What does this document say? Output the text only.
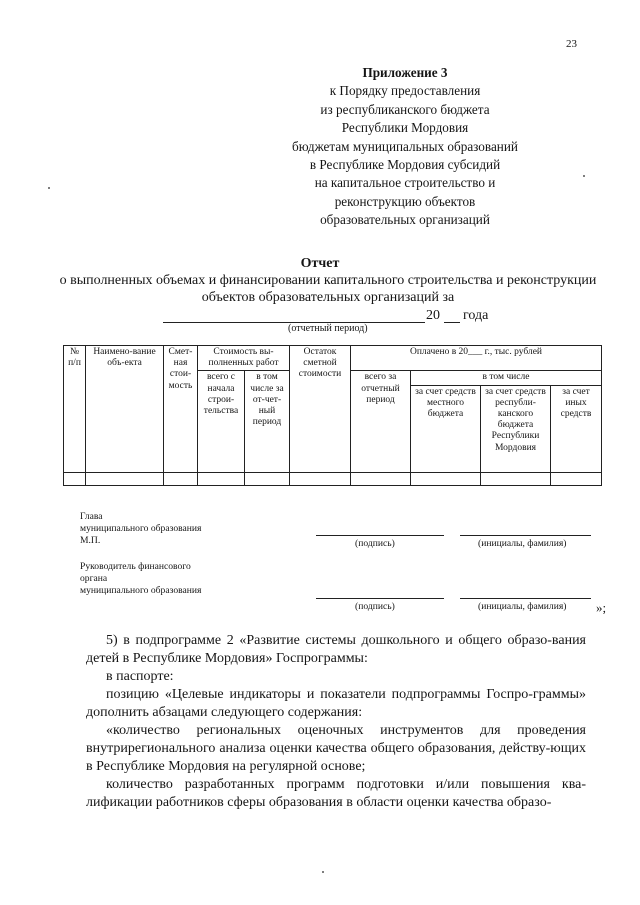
23
Приложение 3
к Порядку предоставления
из республиканского бюджета
Республики Мордовия
бюджетам муниципальных образований
в Республике Мордовия субсидий
на капитальное строительство и
реконструкцию объектов
образовательных организаций
Отчет
о выполненных объемах и финансировании капитального строительства и реконструкции объектов образовательных организаций за
20 года
(отчетный период)
№ п/п	Наимено-вание объ-екта	Смет-ная стои-мость	Стоимость вы-полненных работ		Остаток сметной стоимости	Оплачено в 20___ г., тыс. рублей			
			всего с начала строи-тельства	в том числе за от-чет-ный период		всего за отчетный период	в том числе		
							за счет средств местного бюджета	за счет средств республи-канского бюджета Республики Мордовия	за счет иных средств

Глава
муниципального образования
М.П.	(подпись)	(инициалы, фамилия)
Руководитель финансового
органа
муниципального образования
(подпись)	(инициалы, фамилия) »;
5) в подпрограмме 2 «Развитие системы дошкольного и общего образо-вания детей в Республике Мордовия» Госпрограммы:
в паспорте:
позицию «Целевые индикаторы и показатели подпрограммы Госпро-граммы» дополнить абзацами следующего содержания:
«количество региональных оценочных инструментов для проведения внутрирегионального анализа оценки качества общего образования, действу-ющих в Республике Мордовия на регулярной основе;
количество разработанных программ подготовки и/или повышения ква-лификации работников сферы образования в области оценки качества образо-
